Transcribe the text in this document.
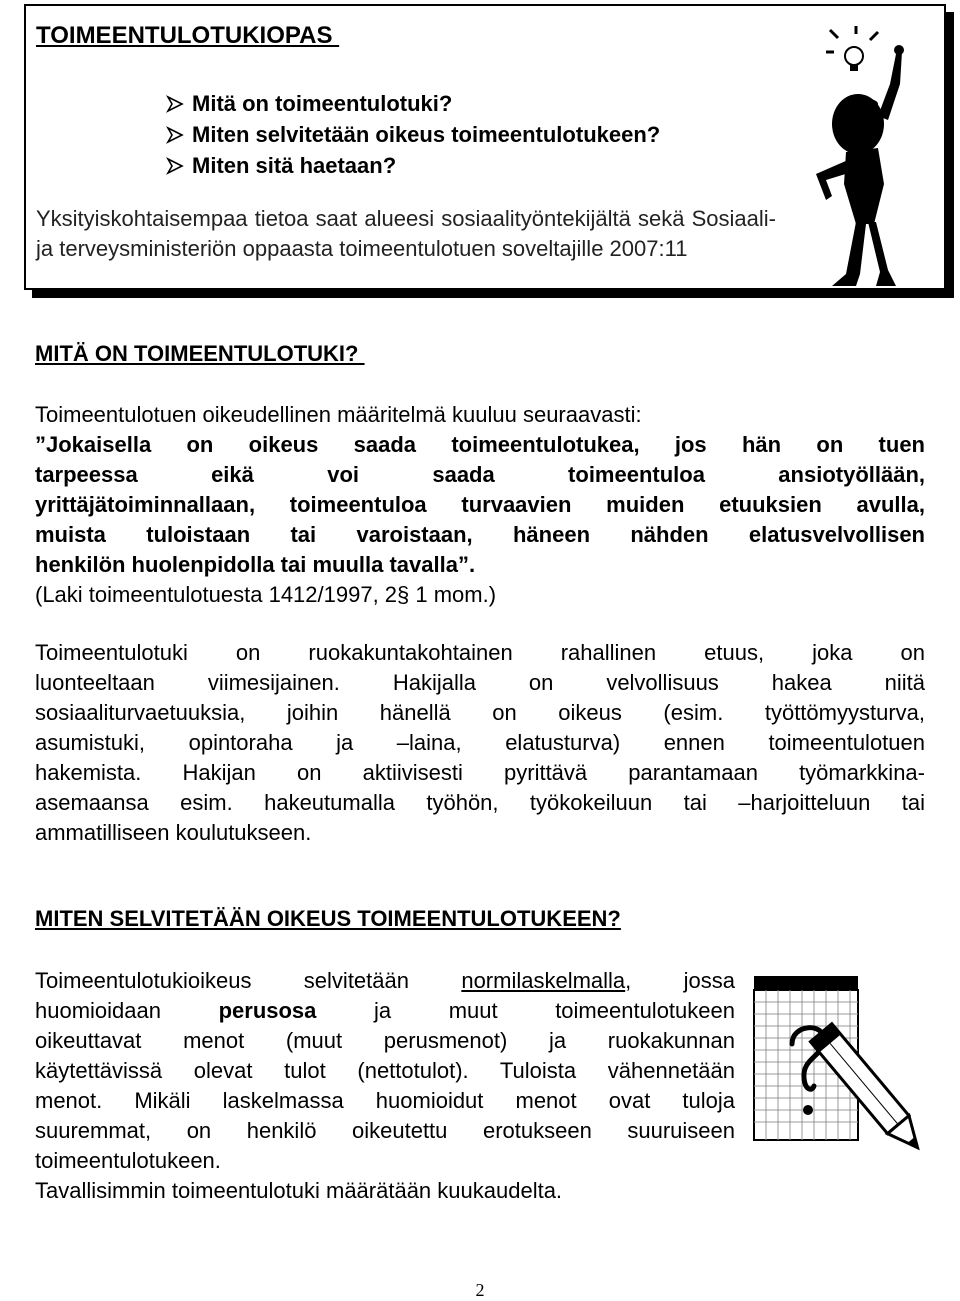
TOIMEENTULOTUKIOPAS
Mitä on toimeentulotuki?
Miten selvitetään oikeus toimeentulotukeen?
Miten sitä haetaan?
Yksityiskohtaisempaa tietoa saat alueesi sosiaalityöntekijältä sekä Sosiaali- ja terveysministeriön oppaasta toimeentulotuen soveltajille 2007:11
MITÄ ON TOIMEENTULOTUKI?
Toimeentulotuen oikeudellinen määritelmä kuuluu seuraavasti:
”Jokaisella on oikeus saada toimeentulotukea, jos hän on tuen
tarpeessa eikä voi saada toimeentuloa ansiotyöllään,
yrittäjätoiminnallaan, toimeentuloa turvaavien muiden etuuksien avulla,
muista tuloistaan tai varoistaan, häneen nähden elatusvelvollisen
henkilön huolenpidolla tai muulla tavalla”.
(Laki toimeentulotuesta 1412/1997, 2§ 1 mom.)
Toimeentulotuki on ruokakuntakohtainen rahallinen etuus, joka on
luonteeltaan viimesijainen. Hakijalla on velvollisuus hakea niitä
sosiaaliturvaetuuksia, joihin hänellä on oikeus (esim. työttömyysturva,
asumistuki, opintoraha ja –laina, elatusturva) ennen toimeentulotuen
hakemista. Hakijan on aktiivisesti pyrittävä parantamaan työmarkkina-
asemaansa esim. hakeutumalla työhön, työkokeiluun tai –harjoitteluun tai
ammatilliseen koulutukseen.
MITEN SELVITETÄÄN OIKEUS TOIMEENTULOTUKEEN?
Toimeentulotukioikeus selvitetään normilaskelmalla, jossa
huomioidaan perusosa ja muut toimeentulotukeen
oikeuttavat menot (muut perusmenot) ja ruokakunnan
käytettävissä olevat tulot (nettotulot). Tuloista vähennetään
menot. Mikäli laskelmassa huomioidut menot ovat tuloja
suuremmat, on henkilö oikeutettu erotukseen suuruiseen
toimeentulotukeen.
Tavallisimmin toimeentulotuki määrätään kuukaudelta.
2
